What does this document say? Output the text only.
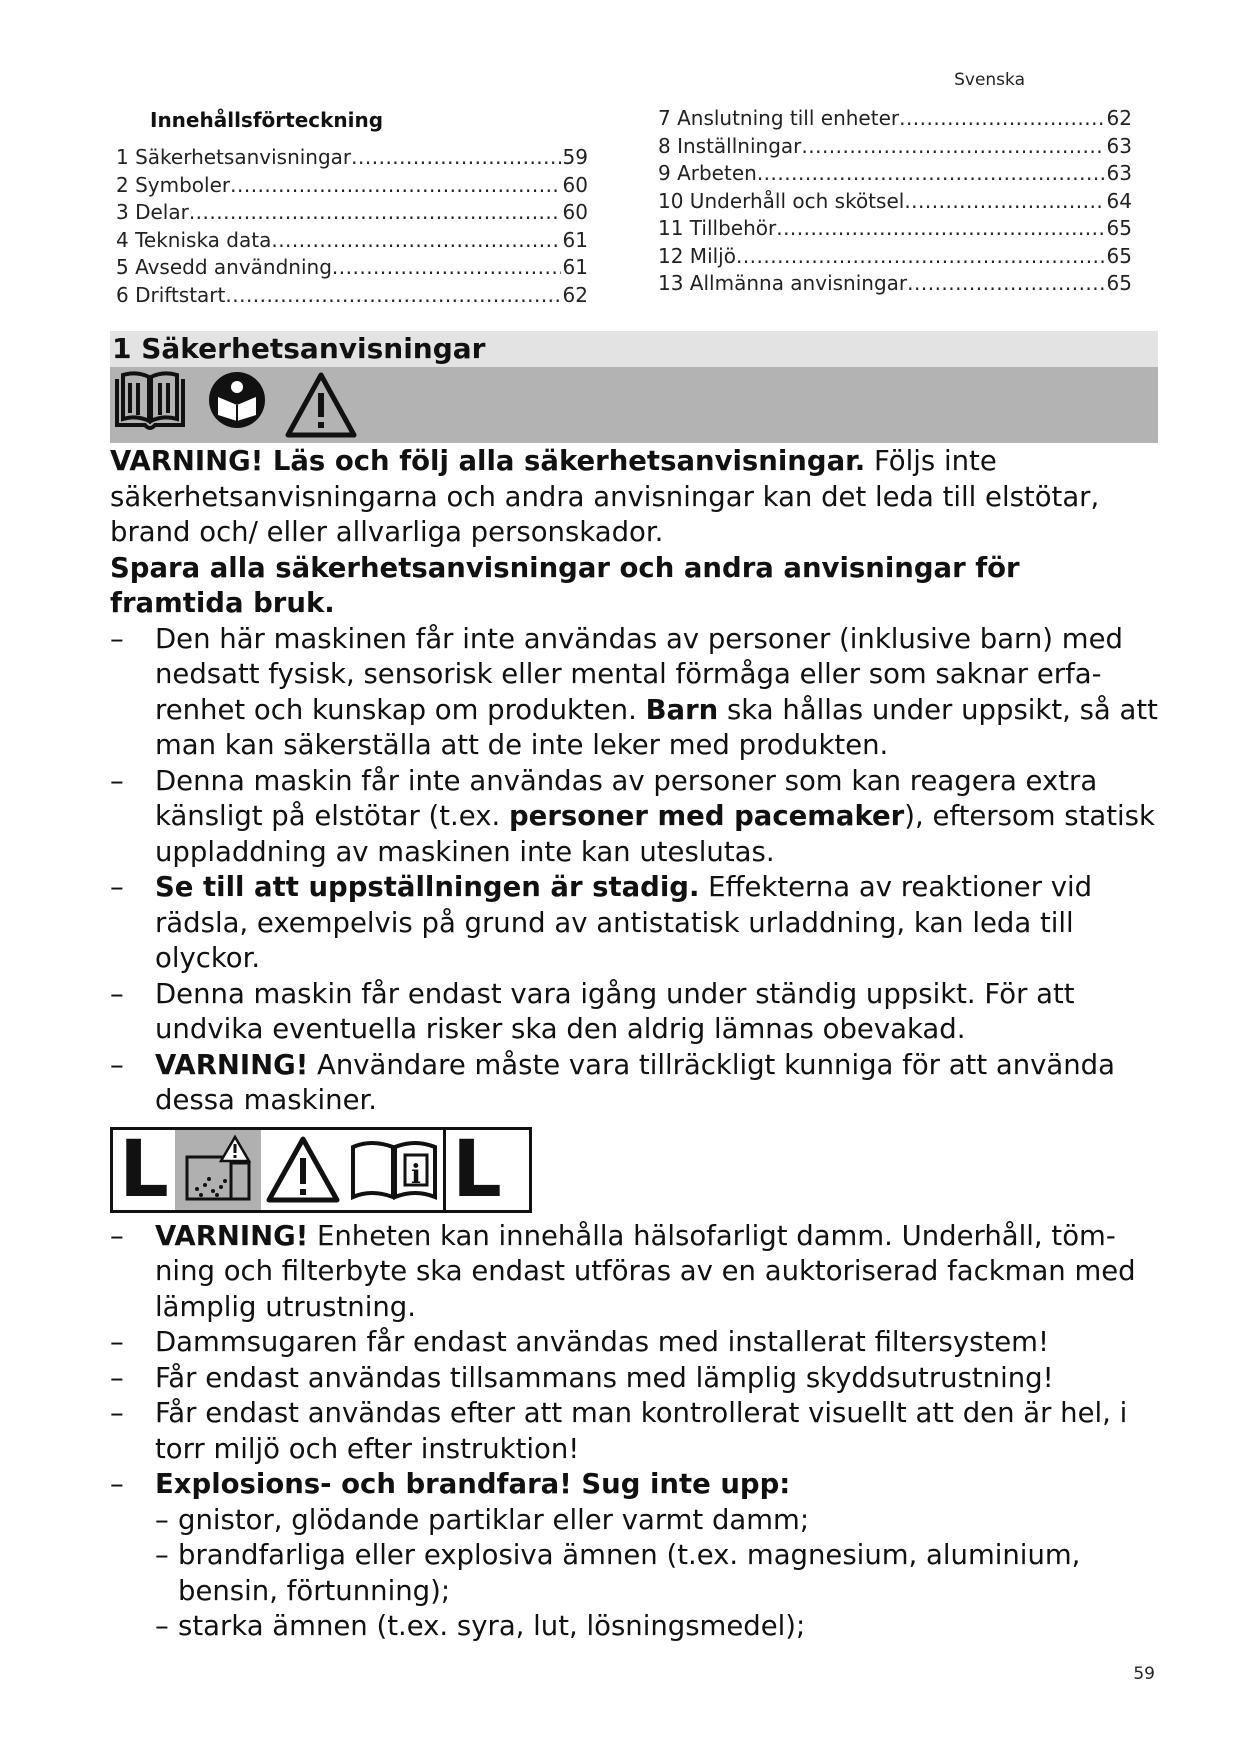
Svenska
Innehållsförteckning
1 Säkerhetsanvisningar .....	59
2 Symboler .....	60
3 Delar .....	60
4 Tekniska data .....	61
5 Avsedd användning .....	61
6 Driftstart .....	62
7 Anslutning till enheter .....	62
8 Inställningar .....	63
9 Arbeten .....	63
10 Underhåll och skötsel .....	64
11 Tillbehör .....	65
12 Miljö .....	65
13 Allmänna anvisningar .....	65
1 Säkerhetsanvisningar

VARNING! Läs och följ alla säkerhetsanvisningar. Följs inte säkerhetsanvisningarna och andra anvisningar kan det leda till elstötar, brand och/ eller allvarliga personskador.

Spara alla säkerhetsanvisningar och andra anvisningar för framtida bruk.

– Den här maskinen får inte användas av personer (inklusive barn) med nedsatt fysisk, sensorisk eller mental förmåga eller som saknar erfarenhet och kunskap om produkten. Barn ska hållas under uppsikt, så att man kan säkerställa att de inte leker med produkten.
– Denna maskin får inte användas av personer som kan reagera extra känsligt på elstötar (t.ex. personer med pacemaker), eftersom statisk uppladdning av maskinen inte kan uteslutas.
– Se till att uppställningen är stadig. Effekterna av reaktioner vid rädsla, exempelvis på grund av antistatisk urladdning, kan leda till olyckor.
– Denna maskin får endast vara igång under ständig uppsikt. För att undvika eventuella risker ska den aldrig lämnas obevakad.
– VARNING! Användare måste vara tillräckligt kunniga för att använda dessa maskiner.
L	i L
– VARNING! Enheten kan innehålla hälsofarligt damm. Underhåll, tömning och filterbyte ska endast utföras av en auktoriserad fackman med lämplig utrustning.
– Dammsugaren får endast användas med installerat filtersystem!
– Får endast användas tillsammans med lämplig skyddsutrustning!
– Får endast användas efter att man kontrollerat visuellt att den är hel, i torr miljö och efter instruktion!
– Explosions- och brandfara! Sug inte upp:
– gnistor, glödande partiklar eller varmt damm;
– brandfarliga eller explosiva ämnen (t.ex. magnesium, aluminium, bensin, förtunning);
– starka ämnen (t.ex. syra, lut, lösningsmedel);
59
